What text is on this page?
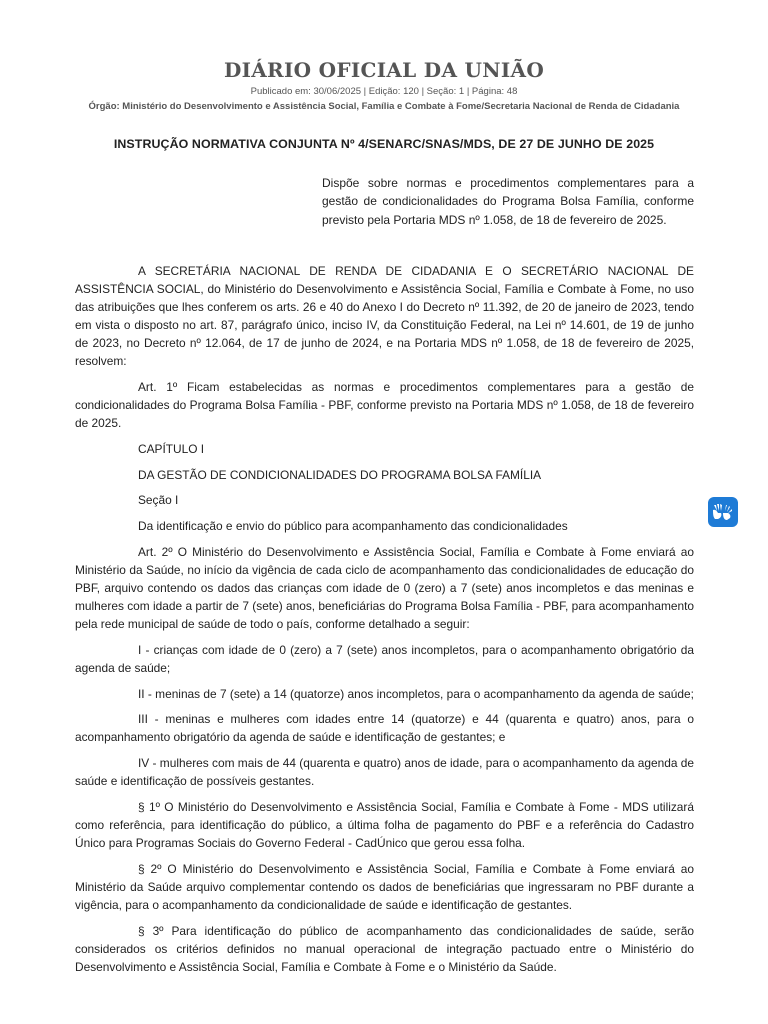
DIÁRIO OFICIAL DA UNIÃO
Publicado em: 30/06/2025 | Edição: 120 | Seção: 1 | Página: 48
Órgão: Ministério do Desenvolvimento e Assistência Social, Família e Combate à Fome/Secretaria Nacional de Renda de Cidadania
INSTRUÇÃO NORMATIVA CONJUNTA Nº 4/SENARC/SNAS/MDS, DE 27 DE JUNHO DE 2025
Dispõe sobre normas e procedimentos complementares para a gestão de condicionalidades do Programa Bolsa Família, conforme previsto pela Portaria MDS nº 1.058, de 18 de fevereiro de 2025.

A SECRETÁRIA NACIONAL DE RENDA DE CIDADANIA E O SECRETÁRIO NACIONAL DE ASSISTÊNCIA SOCIAL, do Ministério do Desenvolvimento e Assistência Social, Família e Combate à Fome, no uso das atribuições que lhes conferem os arts. 26 e 40 do Anexo I do Decreto nº 11.392, de 20 de janeiro de 2023, tendo em vista o disposto no art. 87, parágrafo único, inciso IV, da Constituição Federal, na Lei nº 14.601, de 19 de junho de 2023, no Decreto nº 12.064, de 17 de junho de 2024, e na Portaria MDS nº 1.058, de 18 de fevereiro de 2025, resolvem:

Art. 1º Ficam estabelecidas as normas e procedimentos complementares para a gestão de condicionalidades do Programa Bolsa Família - PBF, conforme previsto na Portaria MDS nº 1.058, de 18 de fevereiro de 2025.

CAPÍTULO I

DA GESTÃO DE CONDICIONALIDADES DO PROGRAMA BOLSA FAMÍLIA

Seção I

Da identificação e envio do público para acompanhamento das condicionalidades

Art. 2º O Ministério do Desenvolvimento e Assistência Social, Família e Combate à Fome enviará ao Ministério da Saúde, no início da vigência de cada ciclo de acompanhamento das condicionalidades de educação do PBF, arquivo contendo os dados das crianças com idade de 0 (zero) a 7 (sete) anos incompletos e das meninas e mulheres com idade a partir de 7 (sete) anos, beneficiárias do Programa Bolsa Família - PBF, para acompanhamento pela rede municipal de saúde de todo o país, conforme detalhado a seguir:

I - crianças com idade de 0 (zero) a 7 (sete) anos incompletos, para o acompanhamento obrigatório da agenda de saúde;

II - meninas de 7 (sete) a 14 (quatorze) anos incompletos, para o acompanhamento da agenda de saúde;

III - meninas e mulheres com idades entre 14 (quatorze) e 44 (quarenta e quatro) anos, para o acompanhamento obrigatório da agenda de saúde e identificação de gestantes; e

IV - mulheres com mais de 44 (quarenta e quatro) anos de idade, para o acompanhamento da agenda de saúde e identificação de possíveis gestantes.

§ 1º O Ministério do Desenvolvimento e Assistência Social, Família e Combate à Fome - MDS utilizará como referência, para identificação do público, a última folha de pagamento do PBF e a referência do Cadastro Único para Programas Sociais do Governo Federal - CadÚnico que gerou essa folha.

§ 2º O Ministério do Desenvolvimento e Assistência Social, Família e Combate à Fome enviará ao Ministério da Saúde arquivo complementar contendo os dados de beneficiárias que ingressaram no PBF durante a vigência, para o acompanhamento da condicionalidade de saúde e identificação de gestantes.

§ 3º Para identificação do público de acompanhamento das condicionalidades de saúde, serão considerados os critérios definidos no manual operacional de integração pactuado entre o Ministério do Desenvolvimento e Assistência Social, Família e Combate à Fome e o Ministério da Saúde.
